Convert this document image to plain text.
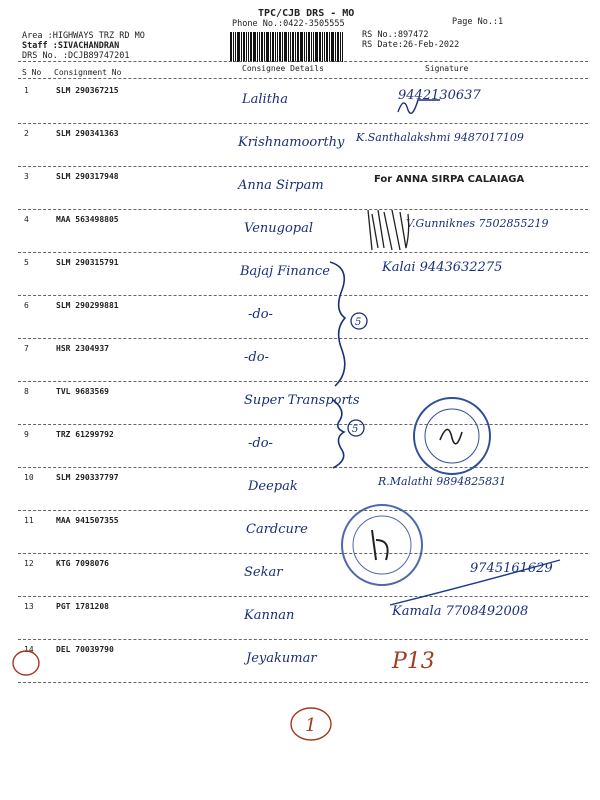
TPC/CJB DRS - MO
Phone No.:0422-3505555	Page No.:1
Area :HIGHWAYS TRZ RD MO
Staff :SIVACHANDRAN
DRS No. :DCJB89747201
RS No.:897472
RS Date:26-Feb-2022
S No Consignment No	Consignee Details	Signature
1	SLM 290367215
Lalitha	9442130637
2	SLM 290341363
Krishnamoorthy K.Santhalakshmi 9487017109
3	SLM 290317948
Anna Sirpam	For ANNA SIRPA CALAIAGA
4	MAA 563498805
Venugopal	V.Gunniknes 7502855219
5	SLM 290315791
Bajaj Finance	Kalai 9443632275
6	SLM 290299881
-do-
7	HSR 2304937
-do-
8	TVL 9683569
Super Transports
9	TRZ 61299792
-do-
10	SLM 290337797
Deepak	R.Malathi 9894825831
11	MAA 941507355
Cardcure
12	KTG 7098076
Sekar	9745161629
13	PGT 1781208
Kannan	Kamala 7708492008
14	DEL 70039790
Jeyakumar	P13
5
5
1
